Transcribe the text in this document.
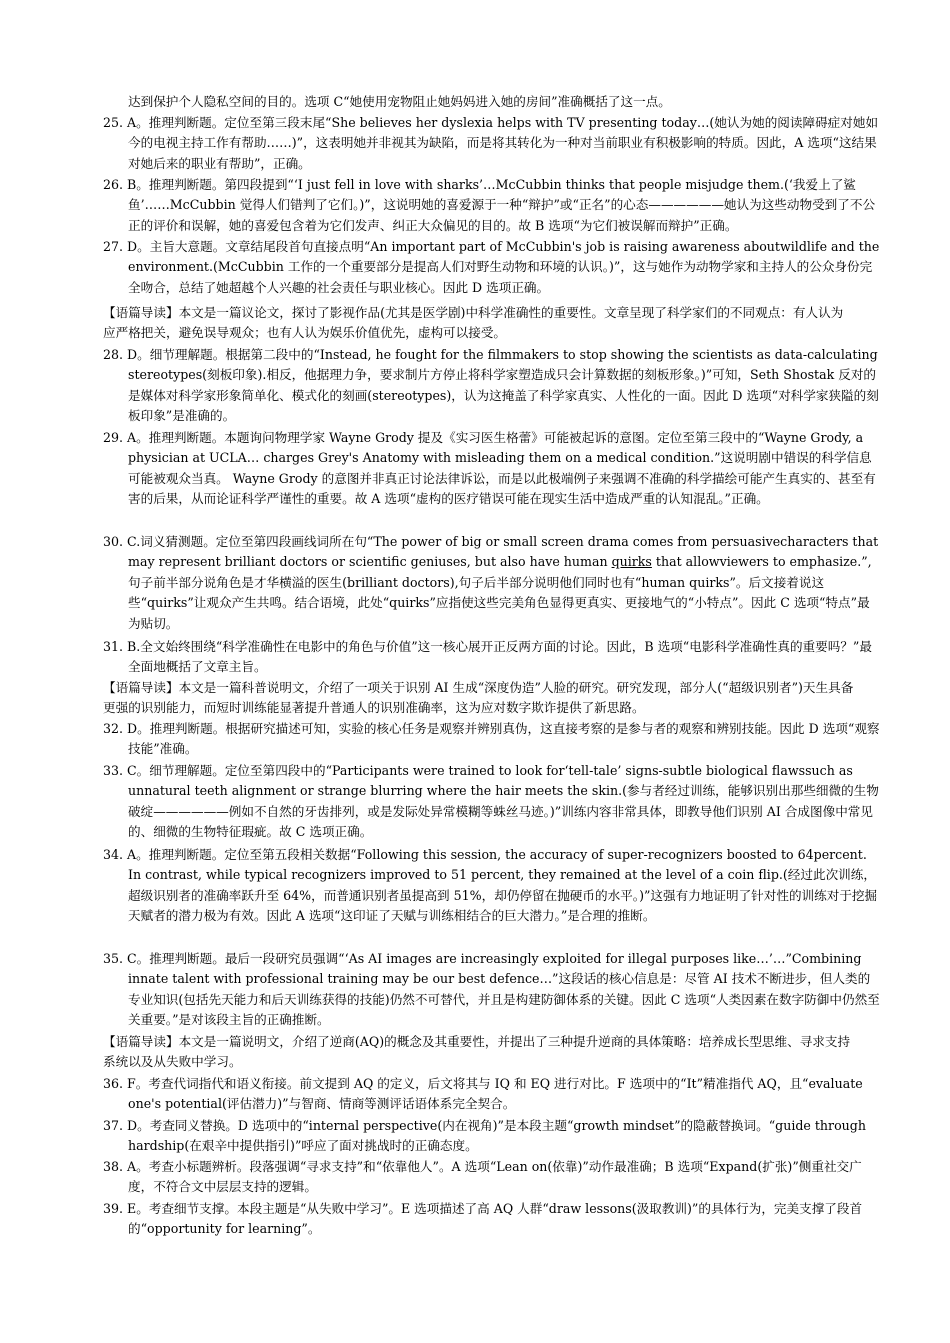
达到保护个人隐私空间的目的。选项 C“她使用宠物阻止她妈妈进入她的房间”准确概括了这一点。
25. A。推理判断题。定位至第三段末尾“She believes her dyslexia helps with TV presenting today…(她认为她的阅读障碍症对她如今的电视主持工作有帮助……)”，这表明她并非视其为缺陷，而是将其转化为一种对当前职业有积极影响的特质。因此，A 选项“这结果对她后来的职业有帮助”，正确。
26. B。推理判断题。第四段提到“‘I just fell in love with sharks’…McCubbin thinks that people misjudge them.(‘我爱上了鲨鱼’……McCubbin 觉得人们错判了它们。)”，这说明她的喜爱源于一种“辩护”或“正名”的心态——————她认为这些动物受到了不公正的评价和误解，她的喜爱包含着为它们发声、纠正大众偏见的目的。故 B 选项“为它们被误解而辩护”正确。
27. D。主旨大意题。文章结尾段首句直接点明“An important part of McCubbin's job is raising awareness aboutwildlife and the environment.(McCubbin 工作的一个重要部分是提高人们对野生动物和环境的认识。)”，这与她作为动物学家和主持人的公众身份完全吻合，总结了她超越个人兴趣的社会责任与职业核心。因此 D 选项正确。
【语篇导读】本文是一篇议论文，探讨了影视作品(尤其是医学剧)中科学准确性的重要性。文章呈现了科学家们的不同观点：有人认为应严格把关，避免误导观众；也有人认为娱乐价值优先，虚构可以接受。
28. D。细节理解题。根据第二段中的“Instead, he fought for the filmmakers to stop showing the scientists as data-calculating stereotypes(刻板印象).相反，他据理力争，要求制片方停止将科学家塑造成只会计算数据的刻板形象。)”可知，Seth Shostak 反对的是媒体对科学家形象简单化、模式化的刻画(stereotypes)，认为这掩盖了科学家真实、人性化的一面。因此 D 选项“对科学家狭隘的刻板印象”是准确的。
29. A。推理判断题。本题询问物理学家 Wayne Grody 提及《实习医生格蕾》可能被起诉的意图。定位至第三段中的“Wayne Grody, a physician at UCLA… charges Grey's Anatomy with misleading them on a medical condition.”这说明剧中错误的科学信息可能被观众当真。 Wayne Grody 的意图并非真正讨论法律诉讼，而是以此极端例子来强调不准确的科学描绘可能产生真实的、甚至有害的后果，从而论证科学严谨性的重要。故 A 选项“虚构的医疗错误可能在现实生活中造成严重的认知混乱。”正确。
30. C.词义猜测题。定位至第四段画线词所在句“The power of big or small screen drama comes from persuasivecharacters that may represent brilliant doctors or scientific geniuses, but also have human quirks that allowviewers to emphasize.”,句子前半部分说角色是才华横溢的医生(brilliant doctors),句子后半部分说明他们同时也有“human quirks”。后文接着说这些“quirks”让观众产生共鸣。结合语境，此处“quirks”应指使这些完美角色显得更真实、更接地气的“小特点”。因此 C 选项“特点”最为贴切。
31. B.全文始终围绕“科学准确性在电影中的角色与价值”这一核心展开正反两方面的讨论。因此，B 选项“电影科学准确性真的重要吗？”最全面地概括了文章主旨。
【语篇导读】本文是一篇科普说明文，介绍了一项关于识别 AI 生成“深度伪造”人脸的研究。研究发现，部分人(“超级识别者”)天生具备更强的识别能力，而短时训练能显著提升普通人的识别准确率，这为应对数字欺诈提供了新思路。
32. D。推理判断题。根据研究描述可知，实验的核心任务是观察并辨别真伪，这直接考察的是参与者的观察和辨别技能。因此 D 选项“观察技能”准确。
33. C。细节理解题。定位至第四段中的“Participants were trained to look for‘tell-tale’ signs-subtle biological flawssuch as unnatural teeth alignment or strange blurring where the hair meets the skin.(参与者经过训练，能够识别出那些细微的生物破绽——————例如不自然的牙齿排列，或是发际处异常模糊等蛛丝马迹。)”训练内容非常具体，即教导他们识别 AI 合成图像中常见的、细微的生物特征瑕疵。故 C 选项正确。
34. A。推理判断题。定位至第五段相关数据“Following this session, the accuracy of super-recognizers boosted to 64percent. In contrast, while typical recognizers improved to 51 percent, they remained at the level of a coin flip.(经过此次训练，超级识别者的准确率跃升至 64%，而普通识别者虽提高到 51%，却仍停留在抛硬币的水平。)”这强有力地证明了针对性的训练对于挖掘天赋者的潜力极为有效。因此 A 选项“这印证了天赋与训练相结合的巨大潜力。”是合理的推断。
35. C。推理判断题。最后一段研究员强调“‘As AI images are increasingly exploited for illegal purposes like…’…”Combining innate talent with professional training may be our best defence…”这段话的核心信息是：尽管 AI 技术不断进步，但人类的专业知识(包括先天能力和后天训练获得的技能)仍然不可替代，并且是构建防御体系的关键。因此 C 选项“人类因素在数字防御中仍然至关重要。”是对该段主旨的正确推断。
【语篇导读】本文是一篇说明文，介绍了逆商(AQ)的概念及其重要性，并提出了三种提升逆商的具体策略：培养成长型思维、寻求支持系统以及从失败中学习。
36. F。考查代词指代和语义衔接。前文提到 AQ 的定义，后文将其与 IQ 和 EQ 进行对比。F 选项中的“It”精准指代 AQ，且“evaluate one's potential(评估潜力)”与智商、情商等测评话语体系完全契合。
37. D。考查同义替换。D 选项中的“internal perspective(内在视角)”是本段主题“growth mindset”的隐蔽替换词。“guide through hardship(在艰辛中提供指引)”呼应了面对挑战时的正确态度。
38. A。考查小标题辨析。段落强调“寻求支持”和“依靠他人”。A 选项“Lean on(依靠)”动作最准确；B 选项“Expand(扩张)”侧重社交广度，不符合文中层层支持的逻辑。
39. E。考查细节支撑。本段主题是“从失败中学习”。E 选项描述了高 AQ 人群“draw lessons(汲取教训)”的具体行为，完美支撑了段首的“opportunity for learning”。
